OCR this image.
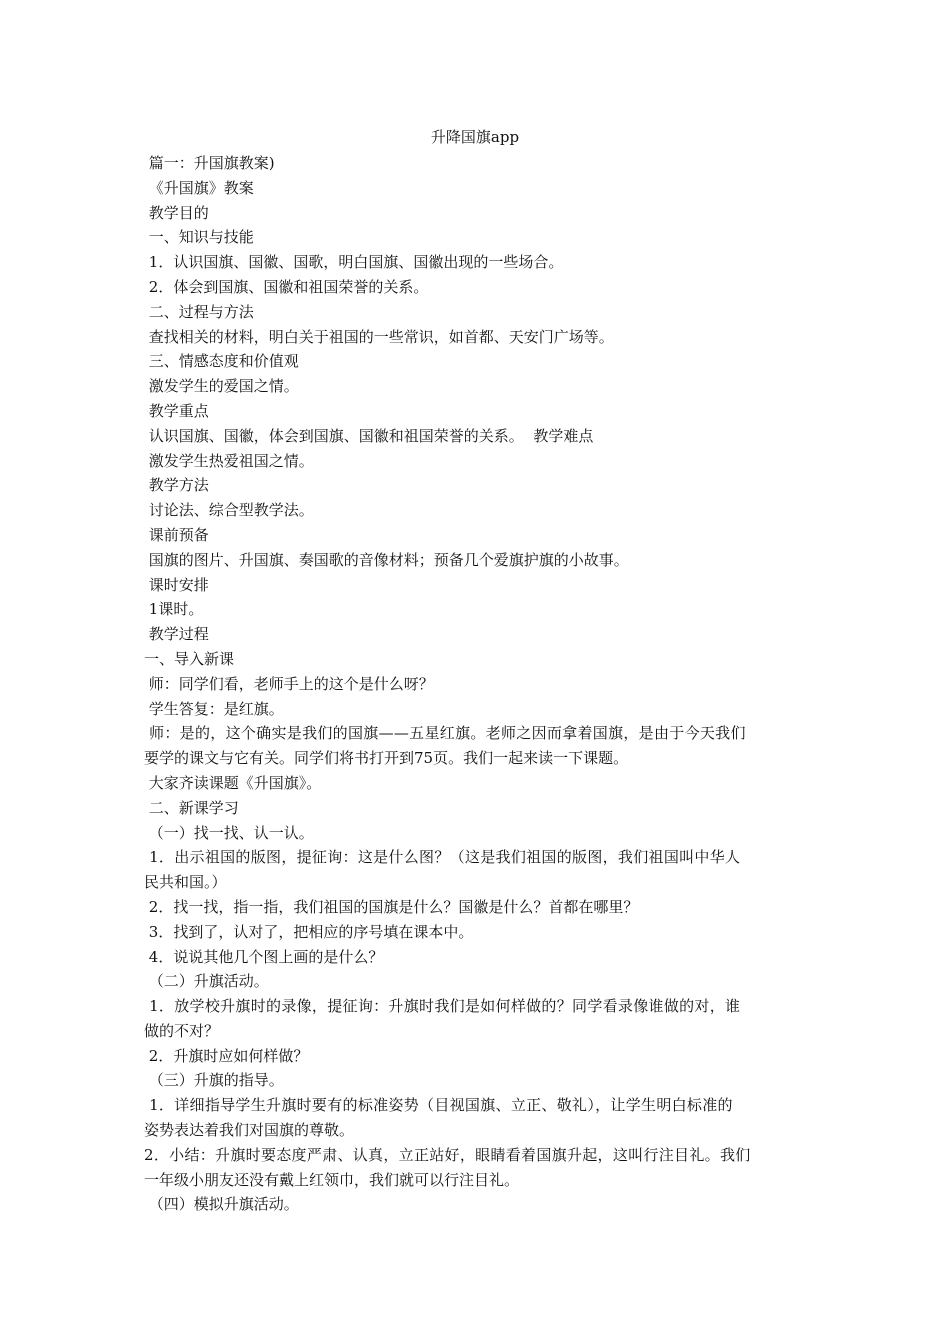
升降国旗app
篇一：升国旗教案)
《升国旗》教案
教学目的
一、知识与技能
1．认识国旗、国徽、国歌，明白国旗、国徽出现的一些场合。
2．体会到国旗、国徽和祖国荣誉的关系。
二、过程与方法
查找相关的材料，明白关于祖国的一些常识，如首都、天安门广场等。
三、情感态度和价值观
激发学生的爱国之情。
教学重点
认识国旗、国徽，体会到国旗、国徽和祖国荣誉的关系。  教学难点
激发学生热爱祖国之情。
教学方法
讨论法、综合型教学法。
课前预备
国旗的图片、升国旗、奏国歌的音像材料；预备几个爱旗护旗的小故事。
课时安排
1课时。
教学过程
一、导入新课
师：同学们看，老师手上的这个是什么呀？
学生答复：是红旗。
师：是的，这个确实是我们的国旗——五星红旗。老师之因而拿着国旗，是由于今天我们
要学的课文与它有关。同学们将书打开到75页。我们一起来读一下课题。
大家齐读课题《升国旗》。
二、新课学习
（一）找一找、认一认。
1．出示祖国的版图，提征询：这是什么图？（这是我们祖国的版图，我们祖国叫中华人
民共和国。）
2．找一找，指一指，我们祖国的国旗是什么？国徽是什么？首都在哪里？
3．找到了，认对了，把相应的序号填在课本中。
4．说说其他几个图上画的是什么？
（二）升旗活动。
1．放学校升旗时的录像，提征询：升旗时我们是如何样做的？同学看录像谁做的对，谁
做的不对？
2．升旗时应如何样做？
（三）升旗的指导。
1．详细指导学生升旗时要有的标准姿势（目视国旗、立正、敬礼），让学生明白标准的
姿势表达着我们对国旗的尊敬。
2．小结：升旗时要态度严肃、认真，立正站好，眼睛看着国旗升起，这叫行注目礼。我们
一年级小朋友还没有戴上红领巾，我们就可以行注目礼。
（四）模拟升旗活动。
